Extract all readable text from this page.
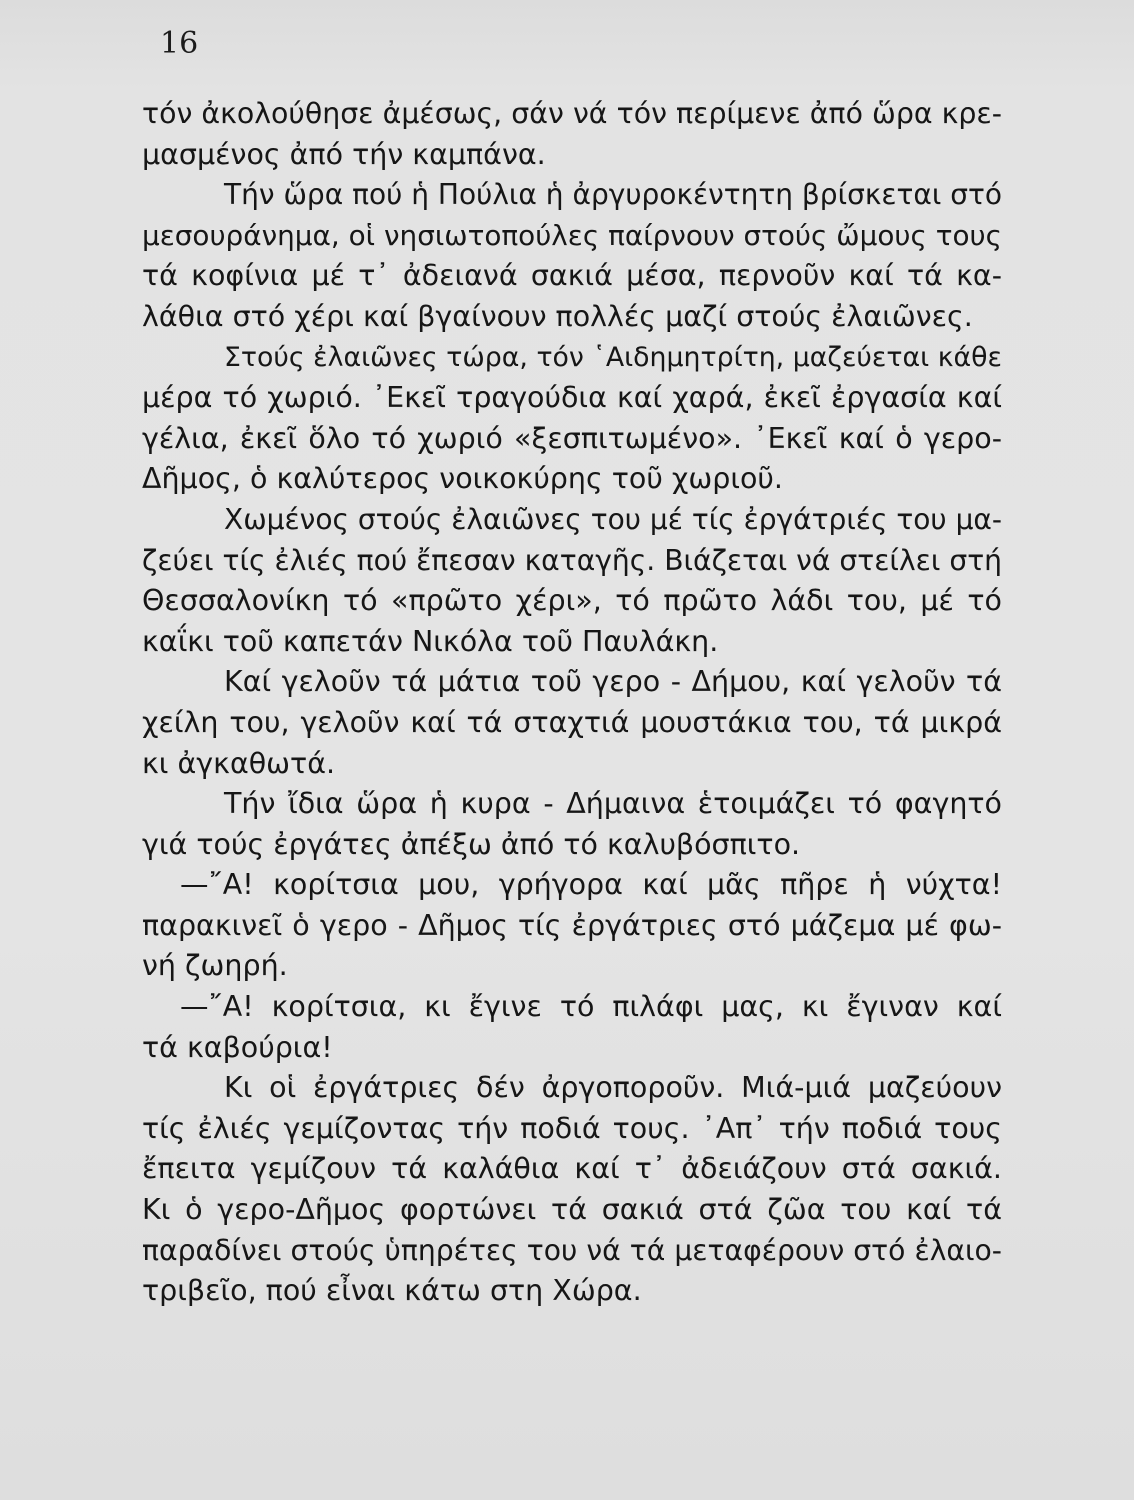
16
τόν ἀκολούθησε ἀμέσως, σάν νά τόν περίμενε ἀπό ὥρα κρε-
μασμένος ἀπό τήν καμπάνα.
Τήν ὥρα πού ἡ Πούλια ἡ ἀργυροκέντητη βρίσκεται στό
μεσουράνημα, οἱ νησιωτοπούλες παίρνουν στούς ὤμους τους
τά κοφίνια μέ τ᾿ ἀδειανά σακιά μέσα, περνοῦν καί τά κα-
λάθια στό χέρι καί βγαίνουν πολλές μαζί στούς ἐλαιῶνες.
Στούς ἐλαιῶνες τώρα, τόν ῾Αιδημητρίτη, μαζεύεται κάθε
μέρα τό χωριό. ᾿Εκεῖ τραγούδια καί χαρά, ἐκεῖ ἐργασία καί
γέλια, ἐκεῖ ὅλο τό χωριό «ξεσπιτωμένο». ᾿Εκεῖ καί ὁ γερο-
Δῆμος, ὁ καλύτερος νοικοκύρης τοῦ χωριοῦ.
Χωμένος στούς ἐλαιῶνες του μέ τίς ἐργάτριές του μα-
ζεύει τίς ἐλιές πού ἔπεσαν καταγῆς. Βιάζεται νά στείλει στή
Θεσσαλονίκη τό «πρῶτο χέρι», τό πρῶτο λάδι του, μέ τό
καΐκι τοῦ καπετάν Νικόλα τοῦ Παυλάκη.
Καί γελοῦν τά μάτια τοῦ γερο - Δήμου, καί γελοῦν τά
χείλη του, γελοῦν καί τά σταχτιά μουστάκια του, τά μικρά
κι ἀγκαθωτά.
Τήν ἴδια ὥρα ἡ κυρα - Δήμαινα ἑτοιμάζει τό φαγητό
γιά τούς ἐργάτες ἀπέξω ἀπό τό καλυβόσπιτο.
—῎Α! κορίτσια μου, γρήγορα καί μᾶς πῆρε ἡ νύχτα!
παρακινεῖ ὁ γερο - Δῆμος τίς ἐργάτριες στό μάζεμα μέ φω-
νή ζωηρή.
—῎Α! κορίτσια, κι ἔγινε τό πιλάφι μας, κι ἔγιναν καί
τά καβούρια!
Κι οἱ ἐργάτριες δέν ἀργοποροῦν. Μιά-μιά μαζεύουν
τίς ἐλιές γεμίζοντας τήν ποδιά τους. ᾿Απ᾿ τήν ποδιά τους
ἔπειτα γεμίζουν τά καλάθια καί τ᾿ ἀδειάζουν στά σακιά.
Κι ὁ γερο-Δῆμος φορτώνει τά σακιά στά ζῶα του καί τά
παραδίνει στούς ὑπηρέτες του νά τά μεταφέρουν στό ἐλαιο-
τριβεῖο, πού εἶναι κάτω στη Χώρα.
